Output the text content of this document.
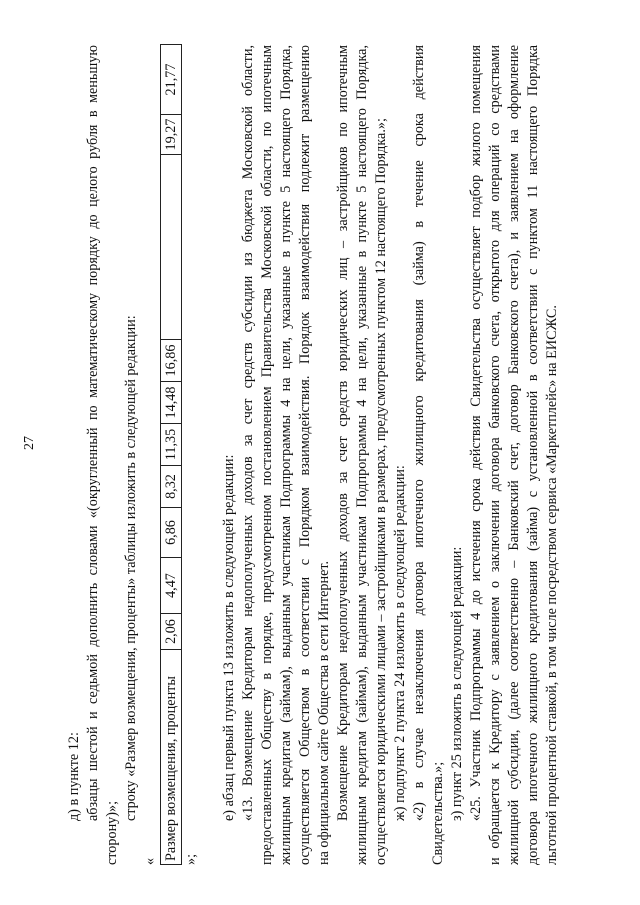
27

д) в пункте 12: абзацы шестой и седьмой дополнить словами «(округленный по математическому порядку до целого рубля в меньшую

сторону)»;

строку «Размер возмещения, проценты» таблицы изложить в следующей редакции:

«

Размер возмещения, проценты	2,06	4,47	6,86	8,32	11,35	14,48	16,86		19,27	21,77

»;

е) абзац первый пункта 13 изложить в следующей редакции: «13. Возмещение Кредиторам недополученных доходов за счет средств субсидии из бюджета Московской области, предоставленных Обществу в порядке, предусмотренном постановлением Правительства Московской области, по ипотечным жилищным кредитам (займам), выданным участникам Подпрограммы 4 на цели, указанные в пункте 5 настоящего Порядка, осуществляется Обществом в соответствии с Порядком взаимодействия. Порядок взаимодействия подлежит размещению на официальном сайте Общества в сети Интернет. Возмещение Кредиторам недополученных доходов за счет средств юридических лиц – застройщиков по ипотечным жилищным кредитам (займам), выданным участникам Подпрограммы 4 на цели, указанные в пункте 5 настоящего Порядка, осуществляется юридическими лицами – застройщиками в размерах, предусмотренных пунктом 12 настоящего Порядка.»; ж) подпункт 2 пункта 24 изложить в следующей редакции: «2) в случае незаключения договора ипотечного жилищного кредитования (займа) в течение срока действия Свидетельства.»; з) пункт 25 изложить в следующей редакции: «25. Участник Подпрограммы 4 до истечения срока действия Свидетельства осуществляет подбор жилого помещения и обращается к Кредитору с заявлением о заключении договора банковского счета, открытого для операций со средствами жилищной субсидии, (далее соответственно – Банковский счет, договор Банковского счета), и заявлением на оформление договора ипотечного жилищного кредитования (займа) с установленной в соответствии с пунктом 11 настоящего Порядка льготной процентной ставкой, в том числе посредством сервиса «Маркетплейс» на ЕИСЖС.
